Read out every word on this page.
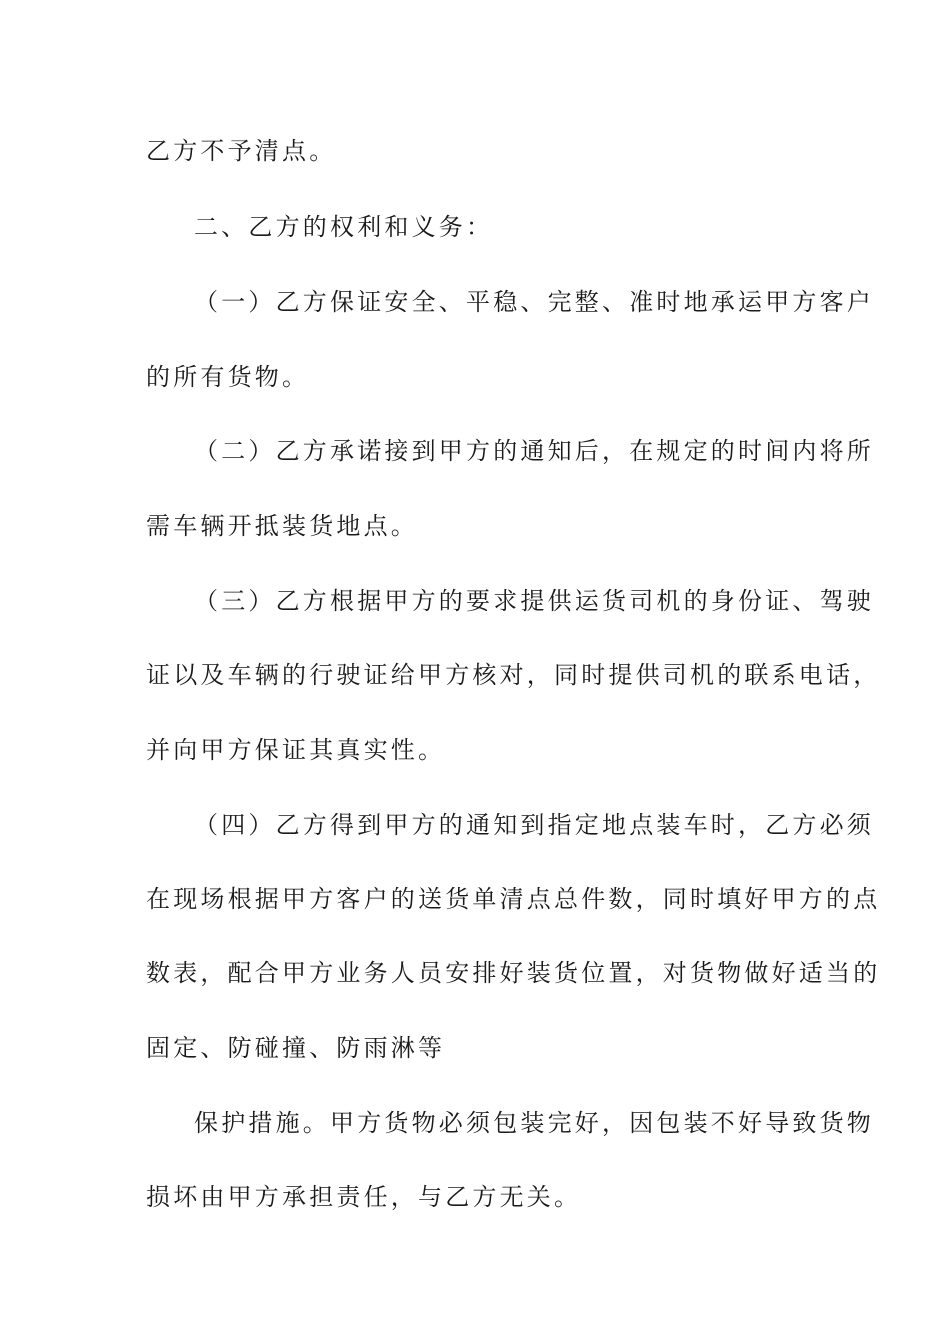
乙方不予清点。
二、乙方的权利和义务：
（一）乙方保证安全、平稳、完整、准时地承运甲方客户
的所有货物。
（二）乙方承诺接到甲方的通知后，在规定的时间内将所
需车辆开抵装货地点。
（三）乙方根据甲方的要求提供运货司机的身份证、驾驶
证以及车辆的行驶证给甲方核对，同时提供司机的联系电话，
并向甲方保证其真实性。
（四）乙方得到甲方的通知到指定地点装车时，乙方必须
在现场根据甲方客户的送货单清点总件数，同时填好甲方的点
数表，配合甲方业务人员安排好装货位置，对货物做好适当的
固定、防碰撞、防雨淋等
保护措施。甲方货物必须包装完好，因包装不好导致货物
损坏由甲方承担责任，与乙方无关。
